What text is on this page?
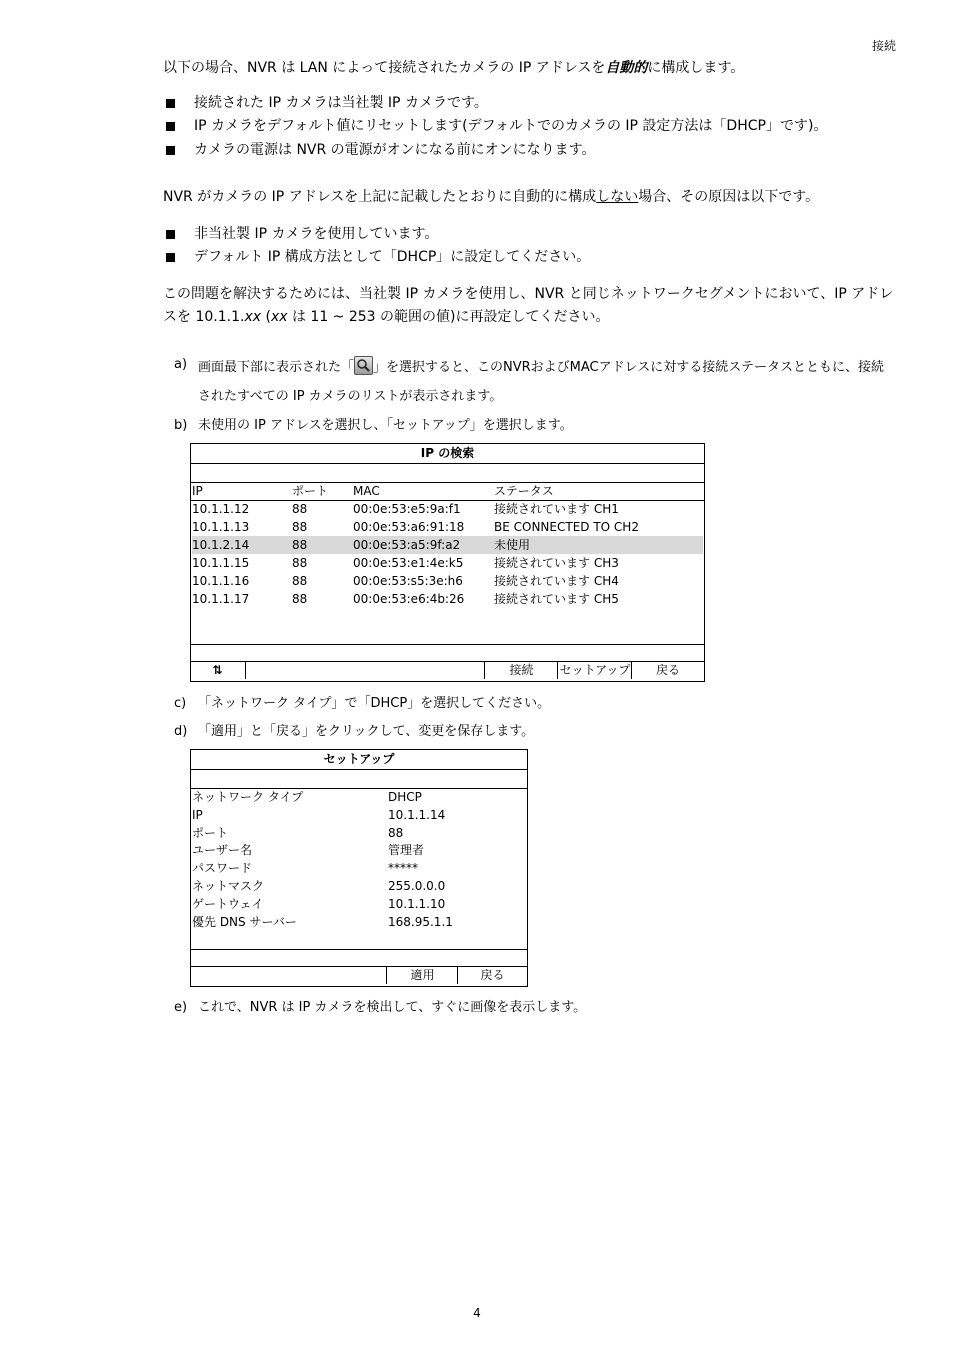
接続
以下の場合、NVR は LAN によって接続されたカメラの IP アドレスを自動的に構成します。
接続された IP カメラは当社製 IP カメラです。
IP カメラをデフォルト値にリセットします(デフォルトでのカメラの IP 設定方法は「DHCP」です)。
カメラの電源は NVR の電源がオンになる前にオンになります。
NVR がカメラの IP アドレスを上記に記載したとおりに自動的に構成しない場合、その原因は以下です。
非当社製 IP カメラを使用しています。
デフォルト IP 構成方法として「DHCP」に設定してください。
この問題を解決するためには、当社製 IP カメラを使用し、NVR と同じネットワークセグメントにおいて、IP アドレ
スを 10.1.1.xx (xx は 11 ~ 253 の範囲の値)に再設定してください。
a) 画面最下部に表示された「 」を選択すると、このNVRおよびMACアドレスに対する接続ステータスとともに、接続
されたすべての IP カメラのリストが表示されます。
b) 未使用の IP アドレスを選択し、「セットアップ」を選択します。
IP の検索
IP	ポート MAC	ステータス
10.1.1.12	88	00:0e:53:e5:9a:f1	接続されています CH1
10.1.1.13	88	00:0e:53:a6:91:18 BE CONNECTED TO CH2
10.1.2.14	88	00:0e:53:a5:9f:a2	未使用
10.1.1.15	88	00:0e:53:e1:4e:k5	接続されています CH3
10.1.1.16	88	00:0e:53:s5:3e:h6	接続されています CH4
10.1.1.17	88	00:0e:53:e6:4b:26 接続されています CH5
⇅	接続	セットアップ	戻る
c) 「ネットワーク タイプ」で「DHCP」を選択してください。
d) 「適用」と「戻る」をクリックして、変更を保存します。
セットアップ
ネットワーク タイプ	DHCP
IP	10.1.1.14
ポート	88
ユーザー名	管理者
パスワード	*****
ネットマスク	255.0.0.0
ゲートウェイ	10.1.1.10
優先 DNS サーバー	168.95.1.1
適用	戻る
e) これで、NVR は IP カメラを検出して、すぐに画像を表示します。
4
